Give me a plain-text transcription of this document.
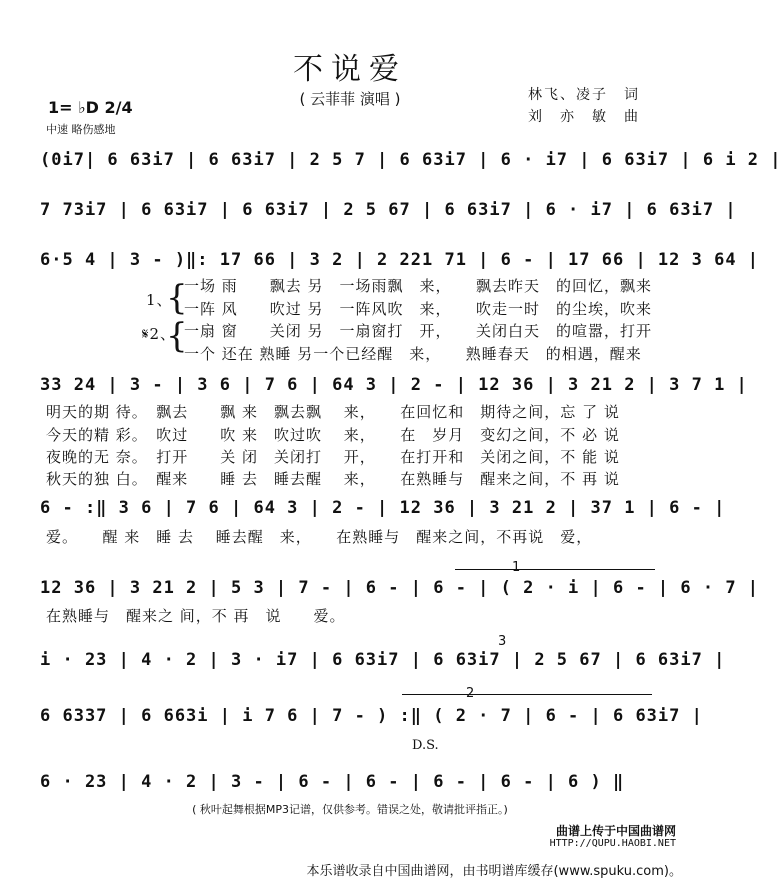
不说爱
( 云菲菲 演唱 )	林飞、凌子　词
刘　亦　敏　曲
1= ♭D 2/4
中速 略伤感地
(0i7| 6 63i7 | 6 63i7 | 2 5 7 | 6 63i7 | 6 · i7 | 6 63i7 | 6 i 2 |
7 73i7 | 6 63i7 | 6 63i7 | 2 5 67 | 6 63i7 | 6 · i7 | 6 63i7 |
6·5 4 | 3 - )‖: 17 66 | 3 2 | 2 221 71 | 6 - | 17 66 | 12 3 64 |
1、
𝄋2、
{
{
一场 雨　　飘去 另　一场雨飘　来，　　飘去昨天　的回忆，飘来
一阵 风　　吹过 另　一阵风吹　来，　　吹走一时　的尘埃，吹来
一扇 窗　　关闭 另　一扇窗打　开，　　关闭白天　的喧嚣，打开
一个 还在 熟睡 另一个已经醒　来，　　熟睡春天　的相遇，醒来
33 24 | 3 - | 3 6 | 7 6 | 64 3 | 2 - | 12 36 | 3 21 2 | 3 7 1 |
明天的期 待。　飘去　　飘 来　飘去飘　 来，　　在回忆和　期待之间，忘 了 说
今天的精 彩。　吹过　　吹 来　吹过吹　 来，　　在　岁月　变幻之间，不 必 说
夜晚的无 奈。　打开　　关 闭　关闭打　 开，　　在打开和　关闭之间，不 能 说
秋天的独 白。　醒来　　睡 去　睡去醒　 来，　　在熟睡与　醒来之间，不 再 说
6 - :‖ 3 6 | 7 6 | 64 3 | 2 - | 12 36 | 3 21 2 | 37 1 | 6 - |
爱。　　醒 来　睡 去　 睡去醒　来，　　在熟睡与　醒来之间，不再说　爱，
1
12 36 | 3 21 2 | 5 3 | 7 - | 6 - | 6 - | ( 2 · i | 6 - | 6 · 7 |
在熟睡与　醒来之 间，不 再　说　　爱。
3
i · 23 | 4 · 2 | 3 · i7 | 6 63i7 | 6 63i7 | 2 5 67 | 6 63i7 |
2
6 6337 | 6 663i | i 7 6 | 7 - ) :‖ ( 2 · 7 | 6 - | 6 63i7 |
D.S.
6 · 23 | 4 · 2 | 3 - | 6 - | 6 - | 6 - | 6 - | 6 ) ‖
( 秋叶起舞根据MP3记谱，仅供参考。错误之处，敬请批评指正。)
曲谱上传于中国曲谱网
HTTP://QUPU.HAOBI.NET
本乐谱收录自中国曲谱网，由书明谱库缓存(www.spuku.com)。
